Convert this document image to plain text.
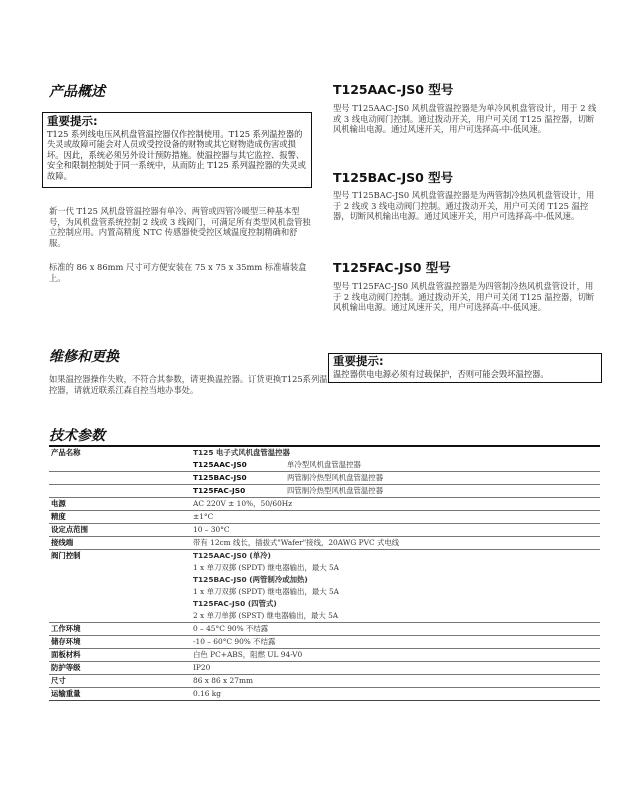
产品概述

重要提示:

T125 系列线电压风机盘管温控器仅作控制使用。T125 系列温控器的失灵或故障可能会对人员或受控设备的财物或其它财物造成伤害或损坏。因此，系统必须另外设计预防措施。使温控器与其它监控、报警、安全和限制控制处于同一系统中，从而防止 T125 系列温控器的失灵或故障。

新一代 T125 风机盘管温控器有单冷、两管或四管冷暖型三种基本型号，为风机盘管系统控制 2 线或 3 线阀门，可满足所有类型风机盘管独立控制应用。内置高精度 NTC 传感器使受控区域温度控制精确和舒服。

标准的 86 x 86mm 尺寸可方便安装在 75 x 75 x 35mm 标准墙装盒上。

T125AAC-JS0 型号

型号 T125AAC-JS0 风机盘管温控器是为单冷风机盘管设计，用于 2 线或 3 线电动阀门控制。通过拨动开关，用户可关闭 T125 温控器，切断风机输出电源。通过风速开关，用户可选择高-中-低风速。

T125BAC-JS0 型号

型号 T125BAC-JS0 风机盘管温控器是为两管制冷热风机盘管设计，用于 2 线或 3 线电动阀门控制。通过拨动开关，用户可关闭 T125 温控器，切断风机输出电源。通过风速开关，用户可选择高-中-低风速。

T125FAC-JS0 型号

型号 T125FAC-JS0 风机盘管温控器是为四管制冷热风机盘管设计，用于 2 线电动阀门控制。通过拨动开关，用户可关闭 T125 温控器，切断风机输出电源。通过风速开关，用户可选择高-中-低风速。

维修和更换

如果温控器操作失败，不符合其参数，请更换温控器。订货更换T125系列温控器，请就近联系江森自控当地办事处。

重要提示:

温控器供电电源必须有过载保护，否则可能会毁坏温控器。

技术参数
产品名称	T125 电子式风机盘管温控器
	T125AAC-JS0 单冷型风机盘管温控器
	T125BAC-JS0 两管制冷热型风机盘管温控器
	T125FAC-JS0 四管制冷热型风机盘管温控器
电源	AC 220V ± 10%，50/60Hz
精度	±1°C
设定点范围	10 – 30°C
接线端	带有 12cm 线长，插拔式"Wafer"接线，20AWG PVC 式电线
阀门控制	T125AAC-JS0 (单冷)
	1 x 单刀双掷 (SPDT) 继电器输出，最大 5A
	T125BAC-JS0 (两管制冷或加热)
	1 x 单刀双掷 (SPDT) 继电器输出，最大 5A
	T125FAC-JS0 (四管式)
	2 x 单刀单掷 (SPST) 继电器输出，最大 5A
工作环境	0 – 45°C 90% 不结露
储存环境	-10 – 60°C 90% 不结露
面板材料	白色 PC+ABS，阻燃 UL 94-V0
防护等级	IP20
尺寸	86 x 86 x 27mm
运输重量	0.16 kg
